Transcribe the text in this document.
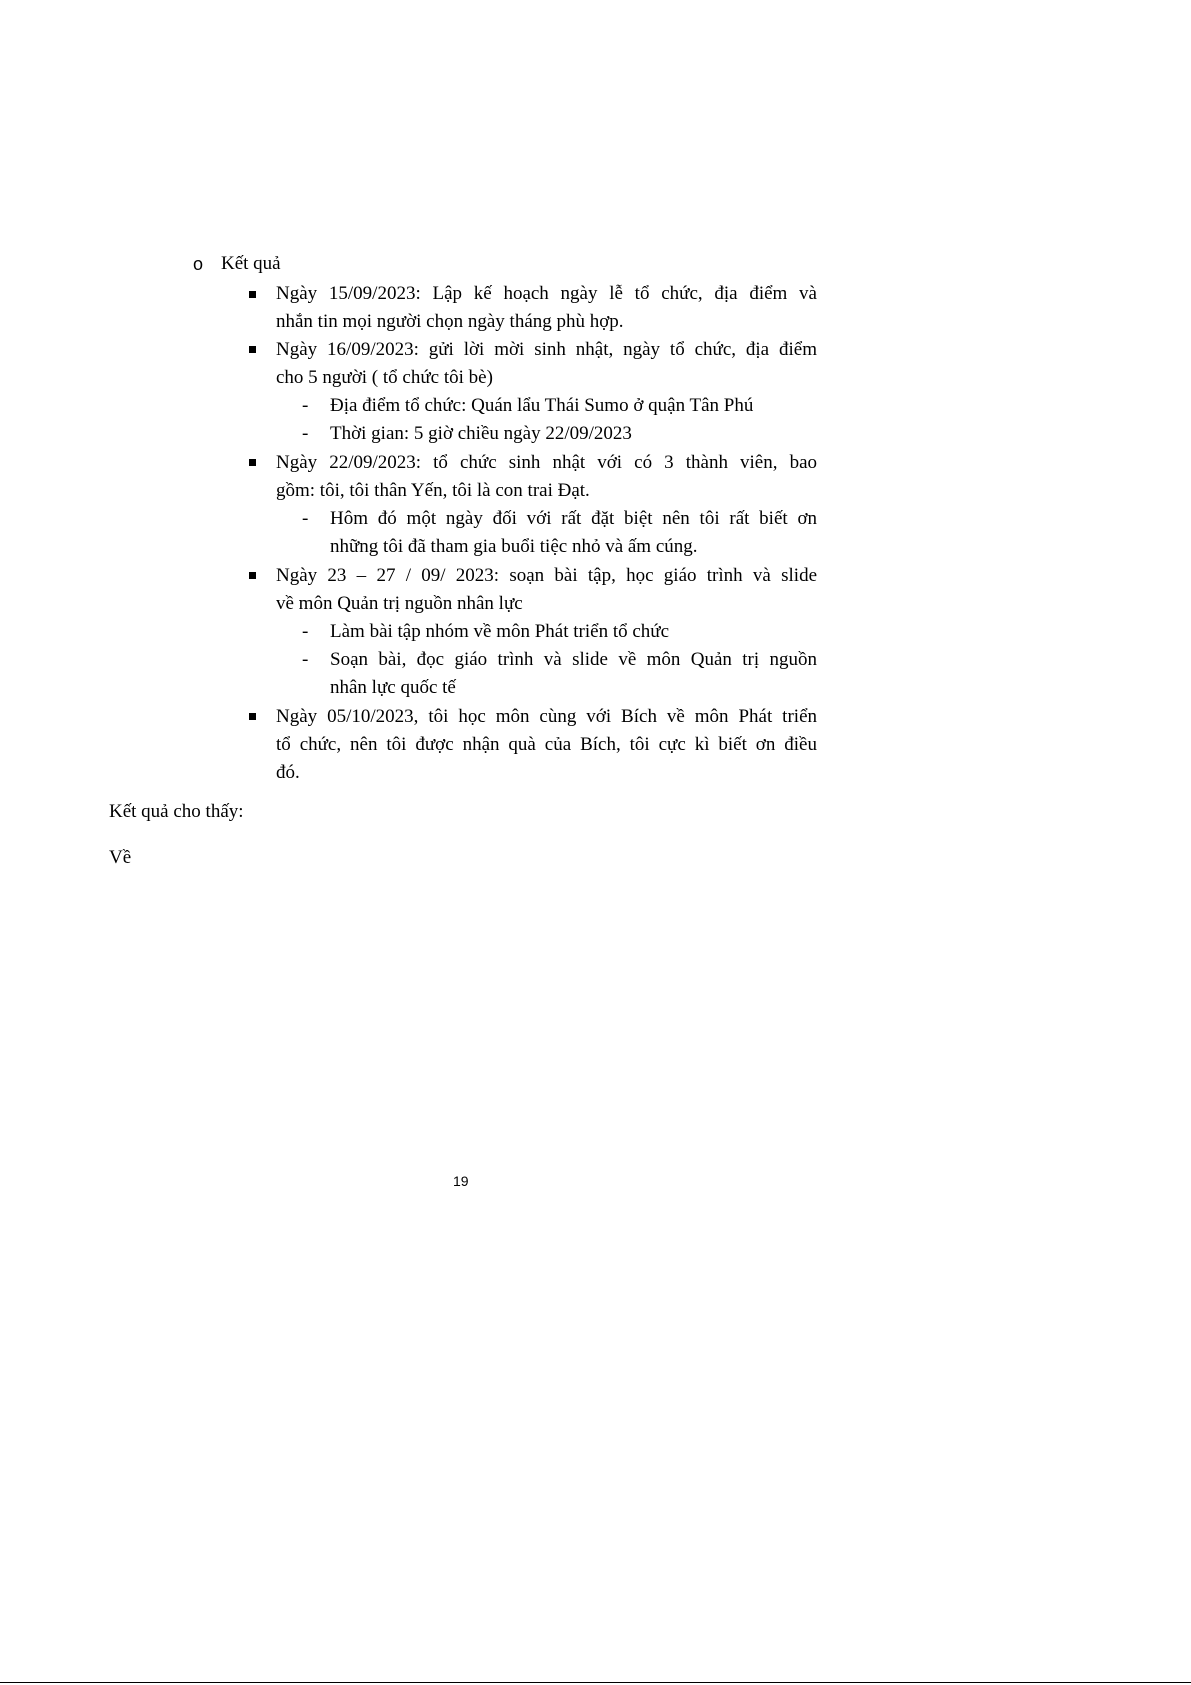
o Kết quả
Ngày 15/09/2023: Lập kế hoạch ngày lễ tổ chức, địa điểm và
nhắn tin mọi người chọn ngày tháng phù hợp.
Ngày 16/09/2023: gửi lời mời sinh nhật, ngày tổ chức, địa điểm
cho 5 người ( tổ chức tôi bè)
- Địa điểm tổ chức: Quán lẩu Thái Sumo ở quận Tân Phú
- Thời gian: 5 giờ chiều ngày 22/09/2023
Ngày 22/09/2023: tổ chức sinh nhật với có 3 thành viên, bao
gồm: tôi, tôi thân Yến, tôi là con trai Đạt.
- Hôm đó một ngày đối với rất đặt biệt nên tôi rất biết ơn
những tôi đã tham gia buổi tiệc nhỏ và ấm cúng.
Ngày 23 – 27 / 09/ 2023: soạn bài tập, học giáo trình và slide
về môn Quản trị nguồn nhân lực
- Làm bài tập nhóm về môn Phát triển tổ chức
- Soạn bài, đọc giáo trình và slide về môn Quản trị nguồn
nhân lực quốc tế
Ngày 05/10/2023, tôi học môn cùng với Bích về môn Phát triển
tổ chức, nên tôi được nhận quà của Bích, tôi cực kì biết ơn điều
đó.
Kết quả cho thấy:
Về
19
